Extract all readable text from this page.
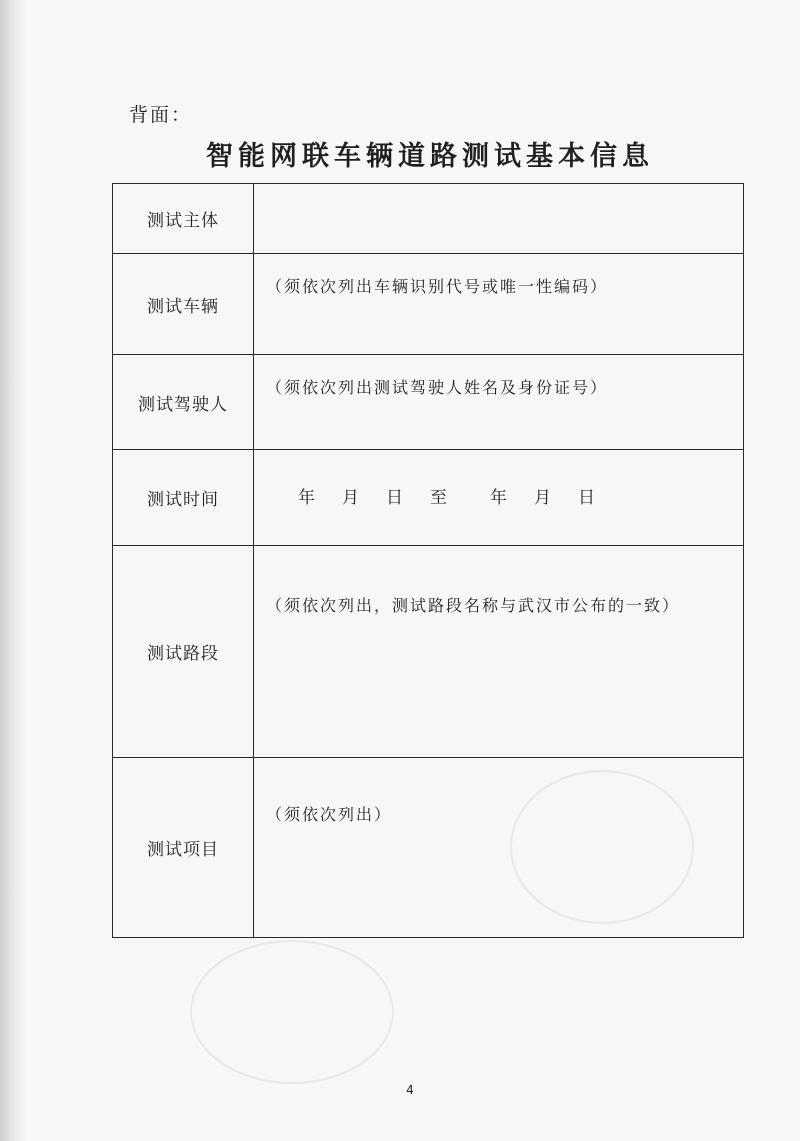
背面：
智能网联车辆道路测试基本信息
测试主体	
测试车辆	（须依次列出车辆识别代号或唯一性编码）

测试驾驶人	（须依次列出测试驾驶人姓名及身份证号）

测试时间	年 月 日 至 年 月 日

测试路段	（须依次列出，测试路段名称与武汉市公布的一致）

测试项目	（须依次列出）
4
